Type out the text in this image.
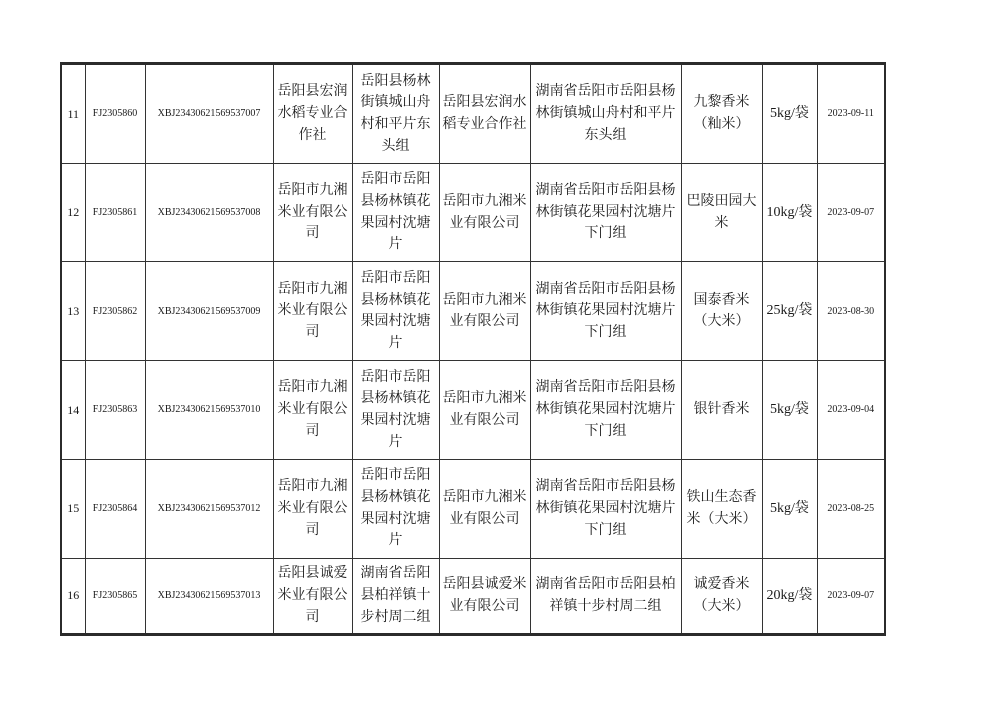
11	FJ2305860	XBJ23430621569537007	岳阳县宏润水稻专业合作社	岳阳县杨林街镇城山舟村和平片东头组	岳阳县宏润水稻专业合作社	湖南省岳阳市岳阳县杨林街镇城山舟村和平片东头组	九黎香米（籼米）	5kg/袋	2023-09-11
12	FJ2305861	XBJ23430621569537008	岳阳市九湘米业有限公司	岳阳市岳阳县杨林镇花果园村沈塘片	岳阳市九湘米业有限公司	湖南省岳阳市岳阳县杨林街镇花果园村沈塘片下门组	巴陵田园大米	10kg/袋	2023-09-07
13	FJ2305862	XBJ23430621569537009	岳阳市九湘米业有限公司	岳阳市岳阳县杨林镇花果园村沈塘片	岳阳市九湘米业有限公司	湖南省岳阳市岳阳县杨林街镇花果园村沈塘片下门组	国泰香米（大米）	25kg/袋	2023-08-30
14	FJ2305863	XBJ23430621569537010	岳阳市九湘米业有限公司	岳阳市岳阳县杨林镇花果园村沈塘片	岳阳市九湘米业有限公司	湖南省岳阳市岳阳县杨林街镇花果园村沈塘片下门组	银针香米	5kg/袋	2023-09-04
15	FJ2305864	XBJ23430621569537012	岳阳市九湘米业有限公司	岳阳市岳阳县杨林镇花果园村沈塘片	岳阳市九湘米业有限公司	湖南省岳阳市岳阳县杨林街镇花果园村沈塘片下门组	铁山生态香米（大米）	5kg/袋	2023-08-25
16	FJ2305865	XBJ23430621569537013	岳阳县诚爱米业有限公司	湖南省岳阳县柏祥镇十步村周二组	岳阳县诚爱米业有限公司	湖南省岳阳市岳阳县柏祥镇十步村周二组	诚爱香米（大米）	20kg/袋	2023-09-07
